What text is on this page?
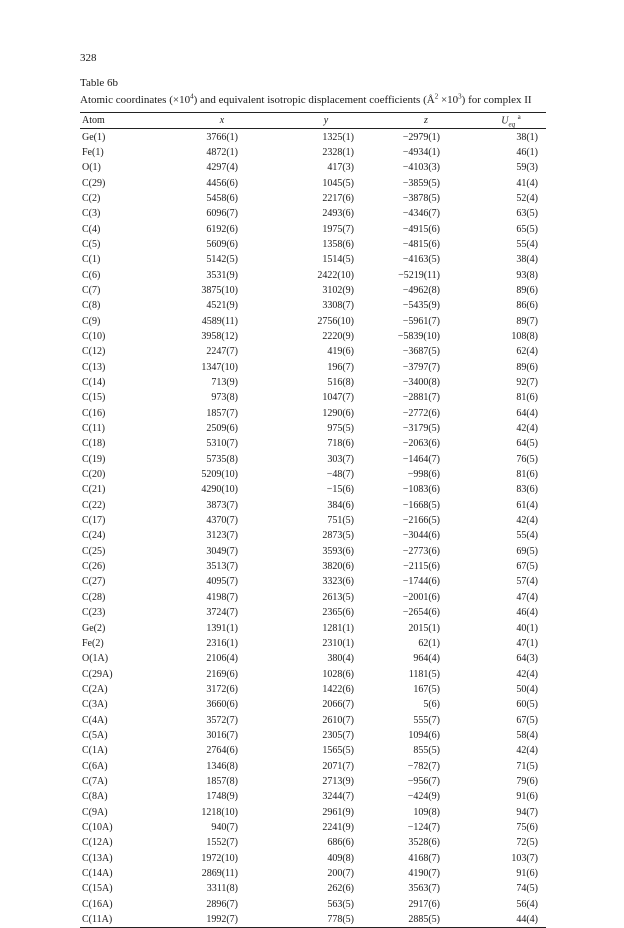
328
Table 6b
Atomic coordinates $(\times 10^4)$ and equivalent isotropic displacement coefficients $(Å^2 \times 10^3)$ for complex II
Atom	x	y	z	$U_{eq}$ $^a$
Ge(1)	3766(1)	1325(1)	−2979(1)	38(1)
Fe(1)	4872(1)	2328(1)	−4934(1)	46(1)
O(1)	4297(4)	417(3)	−4103(3)	59(3)
C(29)	4456(6)	1045(5)	−3859(5)	41(4)
C(2)	5458(6)	2217(6)	−3878(5)	52(4)
C(3)	6096(7)	2493(6)	−4346(7)	63(5)
C(4)	6192(6)	1975(7)	−4915(6)	65(5)
C(5)	5609(6)	1358(6)	−4815(6)	55(4)
C(1)	5142(5)	1514(5)	−4163(5)	38(4)
C(6)	3531(9)	2422(10)	−5219(11)	93(8)
C(7)	3875(10)	3102(9)	−4962(8)	89(6)
C(8)	4521(9)	3308(7)	−5435(9)	86(6)
C(9)	4589(11)	2756(10)	−5961(7)	89(7)
C(10)	3958(12)	2220(9)	−5839(10)	108(8)
C(12)	2247(7)	419(6)	−3687(5)	62(4)
C(13)	1347(10)	196(7)	−3797(7)	89(6)
C(14)	713(9)	516(8)	−3400(8)	92(7)
C(15)	973(8)	1047(7)	−2881(7)	81(6)
C(16)	1857(7)	1290(6)	−2772(6)	64(4)
C(11)	2509(6)	975(5)	−3179(5)	42(4)
C(18)	5310(7)	718(6)	−2063(6)	64(5)
C(19)	5735(8)	303(7)	−1464(7)	76(5)
C(20)	5209(10)	−48(7)	−998(6)	81(6)
C(21)	4290(10)	−15(6)	−1083(6)	83(6)
C(22)	3873(7)	384(6)	−1668(5)	61(4)
C(17)	4370(7)	751(5)	−2166(5)	42(4)
C(24)	3123(7)	2873(5)	−3044(6)	55(4)
C(25)	3049(7)	3593(6)	−2773(6)	69(5)
C(26)	3513(7)	3820(6)	−2115(6)	67(5)
C(27)	4095(7)	3323(6)	−1744(6)	57(4)
C(28)	4198(7)	2613(5)	−2001(6)	47(4)
C(23)	3724(7)	2365(6)	−2654(6)	46(4)
Ge(2)	1391(1)	1281(1)	2015(1)	40(1)
Fe(2)	2316(1)	2310(1)	62(1)	47(1)
O(1A)	2106(4)	380(4)	964(4)	64(3)
C(29A)	2169(6)	1028(6)	1181(5)	42(4)
C(2A)	3172(6)	1422(6)	167(5)	50(4)
C(3A)	3660(6)	2066(7)	5(6)	60(5)
C(4A)	3572(7)	2610(7)	555(7)	67(5)
C(5A)	3016(7)	2305(7)	1094(6)	58(4)
C(1A)	2764(6)	1565(5)	855(5)	42(4)
C(6A)	1346(8)	2071(7)	−782(7)	71(5)
C(7A)	1857(8)	2713(9)	−956(7)	79(6)
C(8A)	1748(9)	3244(7)	−424(9)	91(6)
C(9A)	1218(10)	2961(9)	109(8)	94(7)
C(10A)	940(7)	2241(9)	−124(7)	75(6)
C(12A)	1552(7)	686(6)	3528(6)	72(5)
C(13A)	1972(10)	409(8)	4168(7)	103(7)
C(14A)	2869(11)	200(7)	4190(7)	91(6)
C(15A)	3311(8)	262(6)	3563(7)	74(5)
C(16A)	2896(7)	563(5)	2917(6)	56(4)
C(11A)	1992(7)	778(5)	2885(5)	44(4)
